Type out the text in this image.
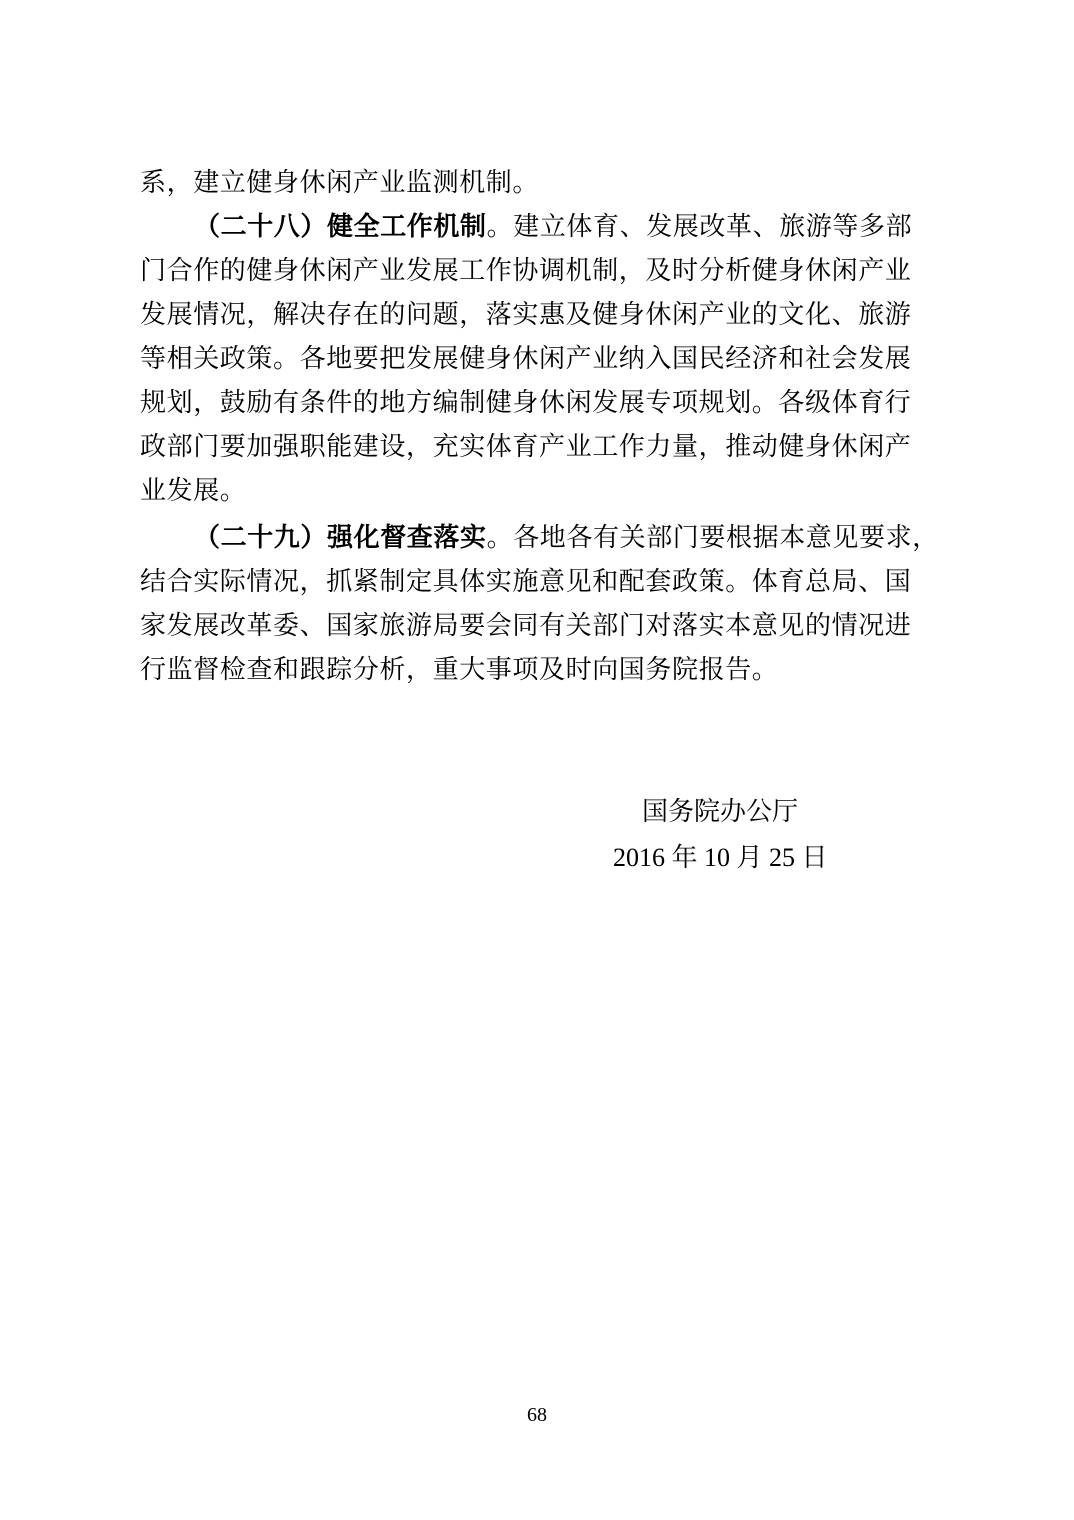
系，建立健身休闲产业监测机制。
（二十八）健全工作机制。建立体育、发展改革、旅游等多部
门合作的健身休闲产业发展工作协调机制，及时分析健身休闲产业
发展情况，解决存在的问题，落实惠及健身休闲产业的文化、旅游
等相关政策。各地要把发展健身休闲产业纳入国民经济和社会发展
规划，鼓励有条件的地方编制健身休闲发展专项规划。各级体育行
政部门要加强职能建设，充实体育产业工作力量，推动健身休闲产
业发展。
（二十九）强化督查落实。各地各有关部门要根据本意见要求，
结合实际情况，抓紧制定具体实施意见和配套政策。体育总局、国
家发展改革委、国家旅游局要会同有关部门对落实本意见的情况进
行监督检查和跟踪分析，重大事项及时向国务院报告。
国务院办公厅
2016 年 10 月 25 日
68
